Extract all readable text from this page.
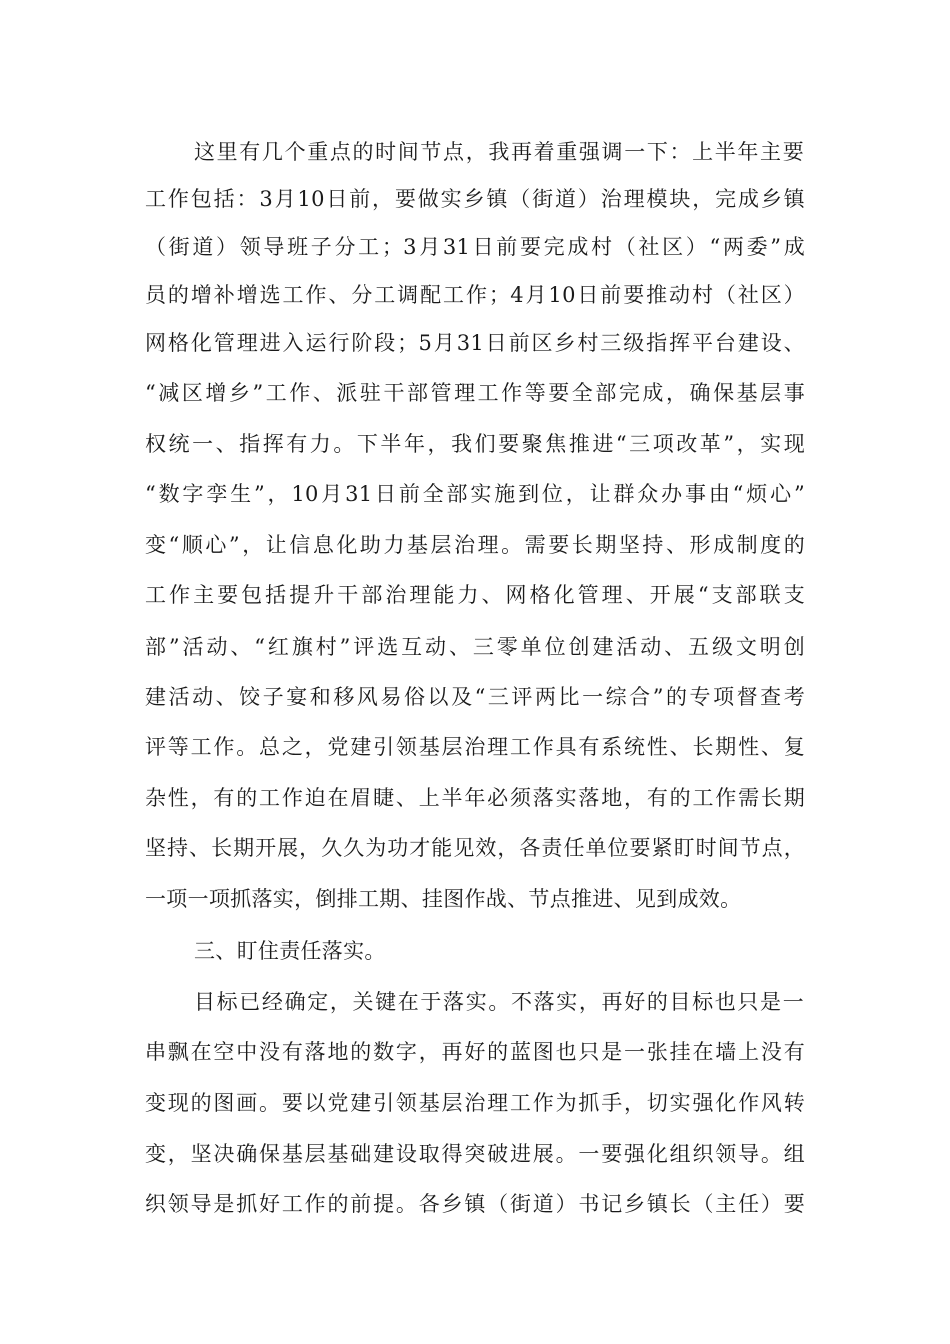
这里有几个重点的时间节点，我再着重强调一下：上半年主要
工作包括：3月10日前，要做实乡镇（街道）治理模块，完成乡镇
（街道）领导班子分工；3月31日前要完成村（社区）“两委”成
员的增补增选工作、分工调配工作；4月10日前要推动村（社区）
网格化管理进入运行阶段；5月31日前区乡村三级指挥平台建设、
“减区增乡”工作、派驻干部管理工作等要全部完成，确保基层事
权统一、指挥有力。下半年，我们要聚焦推进“三项改革”，实现
“数字孪生”，10月31日前全部实施到位，让群众办事由“烦心”
变“顺心”，让信息化助力基层治理。需要长期坚持、形成制度的
工作主要包括提升干部治理能力、网格化管理、开展“支部联支
部”活动、“红旗村”评选互动、三零单位创建活动、五级文明创
建活动、饺子宴和移风易俗以及“三评两比一综合”的专项督查考
评等工作。总之，党建引领基层治理工作具有系统性、长期性、复
杂性，有的工作迫在眉睫、上半年必须落实落地，有的工作需长期
坚持、长期开展，久久为功才能见效，各责任单位要紧盯时间节点，
一项一项抓落实，倒排工期、挂图作战、节点推进、见到成效。
三、盯住责任落实。
目标已经确定，关键在于落实。不落实，再好的目标也只是一
串飘在空中没有落地的数字，再好的蓝图也只是一张挂在墙上没有
变现的图画。要以党建引领基层治理工作为抓手，切实强化作风转
变，坚决确保基层基础建设取得突破进展。一要强化组织领导。组
织领导是抓好工作的前提。各乡镇（街道）书记乡镇长（主任）要
